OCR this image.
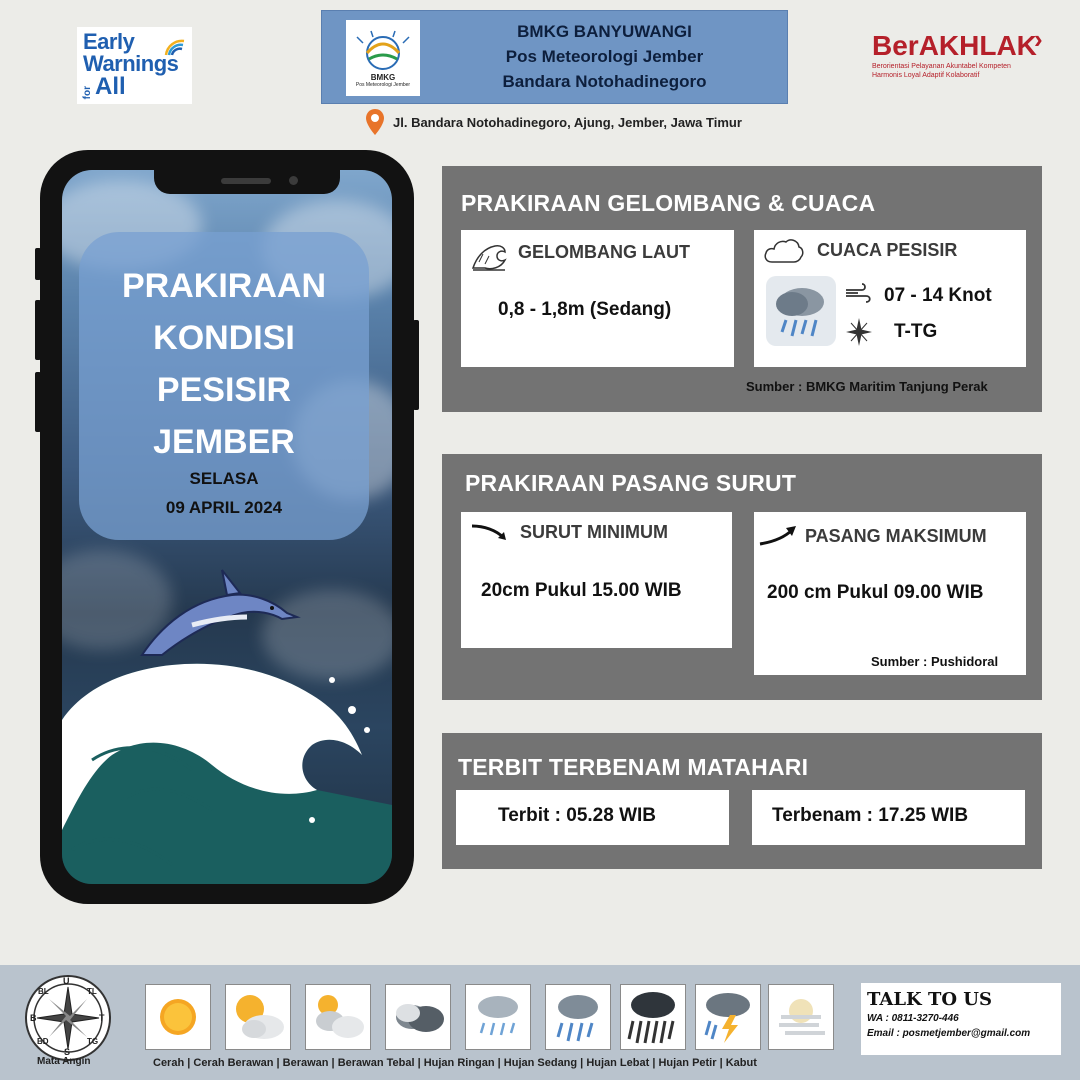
Early
Warnings
for All	BMKG
Pos Meteorologi Jember
BMKG BANYUWANGI
Pos Meteorologi Jember
Bandara Notohadinegoro
BerAKHLAK
›
Berorientasi Pelayanan Akuntabel Kompeten
Harmonis Loyal Adaptif Kolaboratif
Jl. Bandara Notohadinegoro, Ajung, Jember, Jawa Timur
PRAKIRAAN
KONDISI
PESISIR
JEMBER
SELASA
09 APRIL 2024
PRAKIRAAN GELOMBANG & CUACA
GELOMBANG LAUT
0,8 - 1,8m (Sedang)
CUACA PESISIR
07 - 14 Knot
T-TG
Sumber : BMKG Maritim Tanjung Perak
PRAKIRAAN PASANG SURUT
SURUT MINIMUM
20cm Pukul 15.00 WIB
PASANG MAKSIMUM
200 cm Pukul 09.00 WIB
Sumber : Pushidoral
TERBIT TERBENAM MATAHARI
Terbit : 05.28 WIB	Terbenam : 17.25 WIB
U
S
B	T
BL	TL
BD	TG
Mata Angin	Cerah | Cerah Berawan | Berawan | Berawan Tebal | Hujan Ringan | Hujan Sedang | Hujan Lebat | Hujan Petir | Kabut
TALK TO US
WA : 0811-3270-446
Email : posmetjember@gmail.com
